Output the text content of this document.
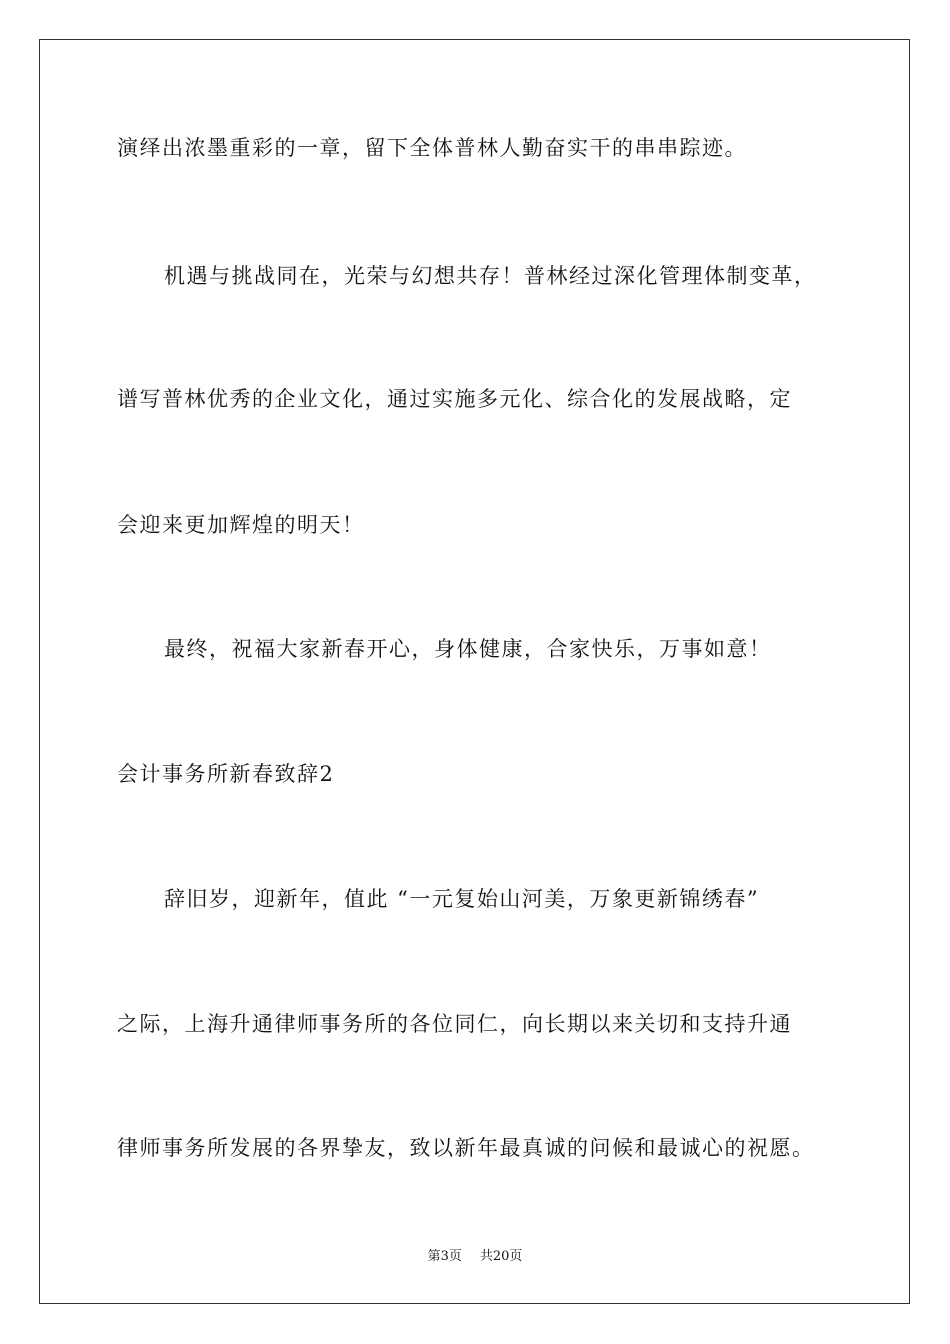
演绎出浓墨重彩的一章，留下全体普林人勤奋实干的串串踪迹。
机遇与挑战同在，光荣与幻想共存！普林经过深化管理体制变革，
谱写普林优秀的企业文化，通过实施多元化、综合化的发展战略，定
会迎来更加辉煌的明天！
最终，祝福大家新春开心，身体健康，合家快乐，万事如意！
会计事务所新春致辞2
辞旧岁，迎新年，值此 “一元复始山河美，万象更新锦绣春”
之际，上海升通律师事务所的各位同仁，向长期以来关切和支持升通
律师事务所发展的各界挚友，致以新年最真诚的问候和最诚心的祝愿。
第3页 共20页
